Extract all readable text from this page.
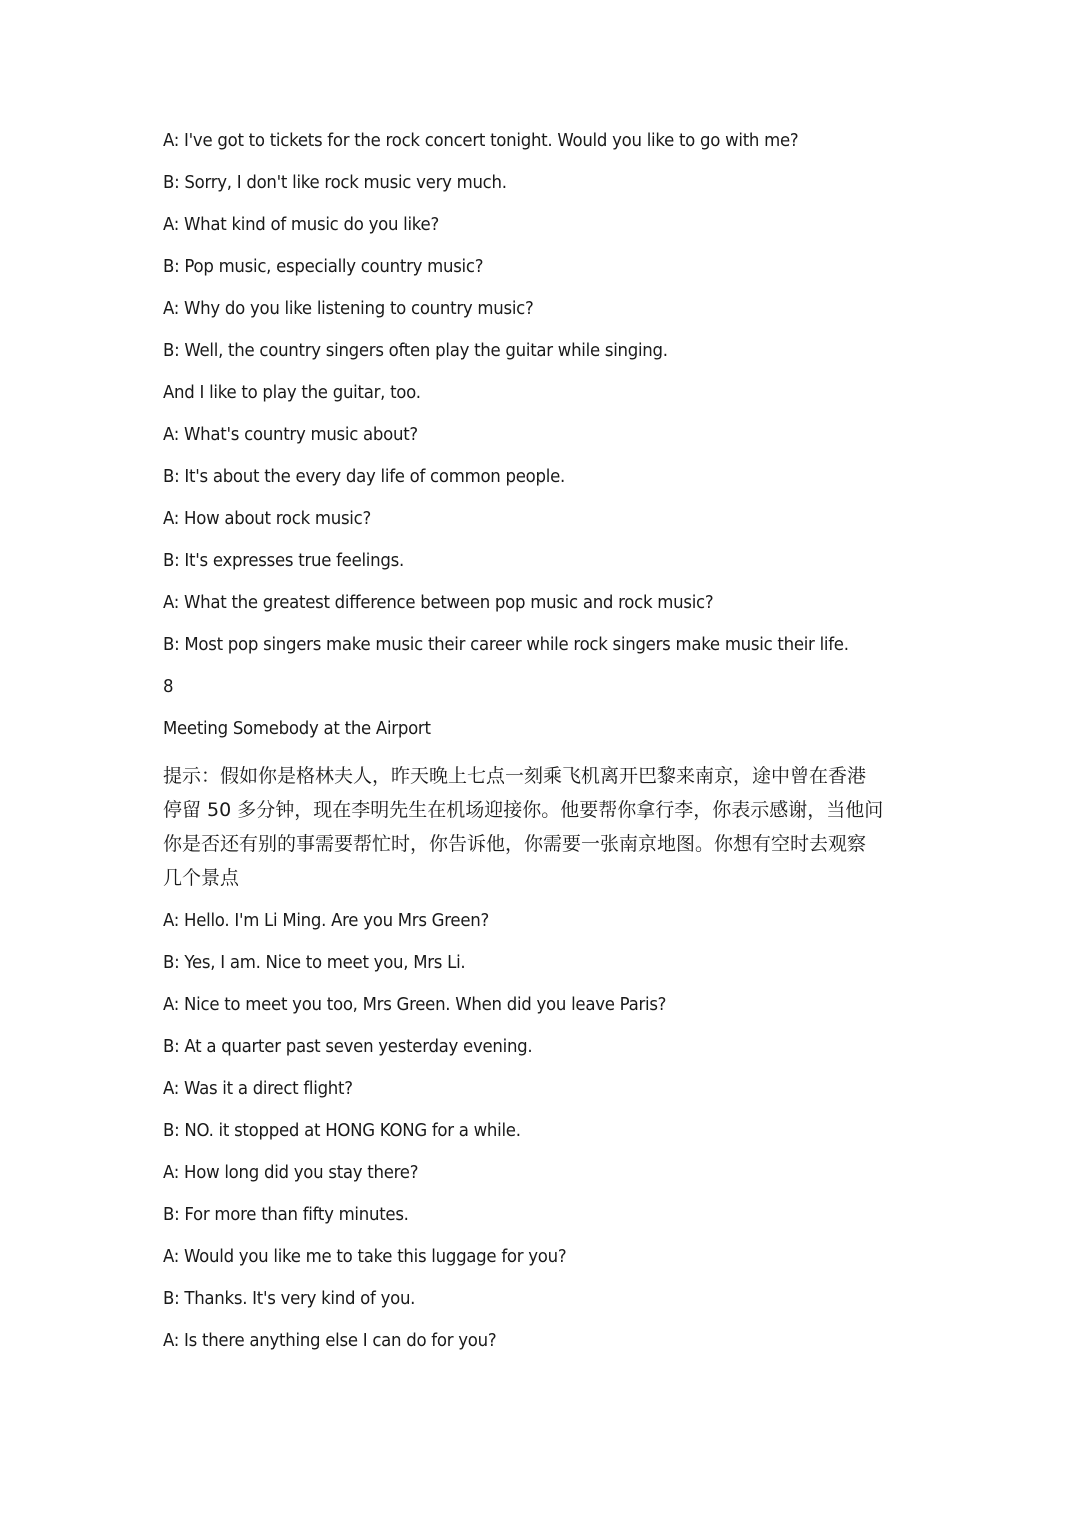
A: I've got to tickets for the rock concert tonight. Would you like to go with me?
B: Sorry, I don't like rock music very much.
A: What kind of music do you like?
B: Pop music, especially country music?
A: Why do you like listening to country music?
B: Well, the country singers often play the guitar while singing.
And I like to play the guitar, too.
A: What's country music about?
B: It's about the every day life of common people.
A: How about rock music?
B: It's expresses true feelings.
A: What the greatest difference between pop music and rock music?
B: Most pop singers make music their career while rock singers make music their life.
8
Meeting Somebody at the Airport
提示：假如你是格林夫人，昨天晚上七点一刻乘飞机离开巴黎来南京，途中曾在香港
停留 50 多分钟，现在李明先生在机场迎接你。他要帮你拿行李，你表示感谢，当他问
你是否还有别的事需要帮忙时，你告诉他，你需要一张南京地图。你想有空时去观察
几个景点
A: Hello. I'm Li Ming. Are you Mrs Green?
B: Yes, I am. Nice to meet you, Mrs Li.
A: Nice to meet you too, Mrs Green. When did you leave Paris?
B: At a quarter past seven yesterday evening.
A: Was it a direct flight?
B: NO. it stopped at HONG KONG for a while.
A: How long did you stay there?
B: For more than fifty minutes.
A: Would you like me to take this luggage for you?
B: Thanks. It's very kind of you.
A: Is there anything else I can do for you?
